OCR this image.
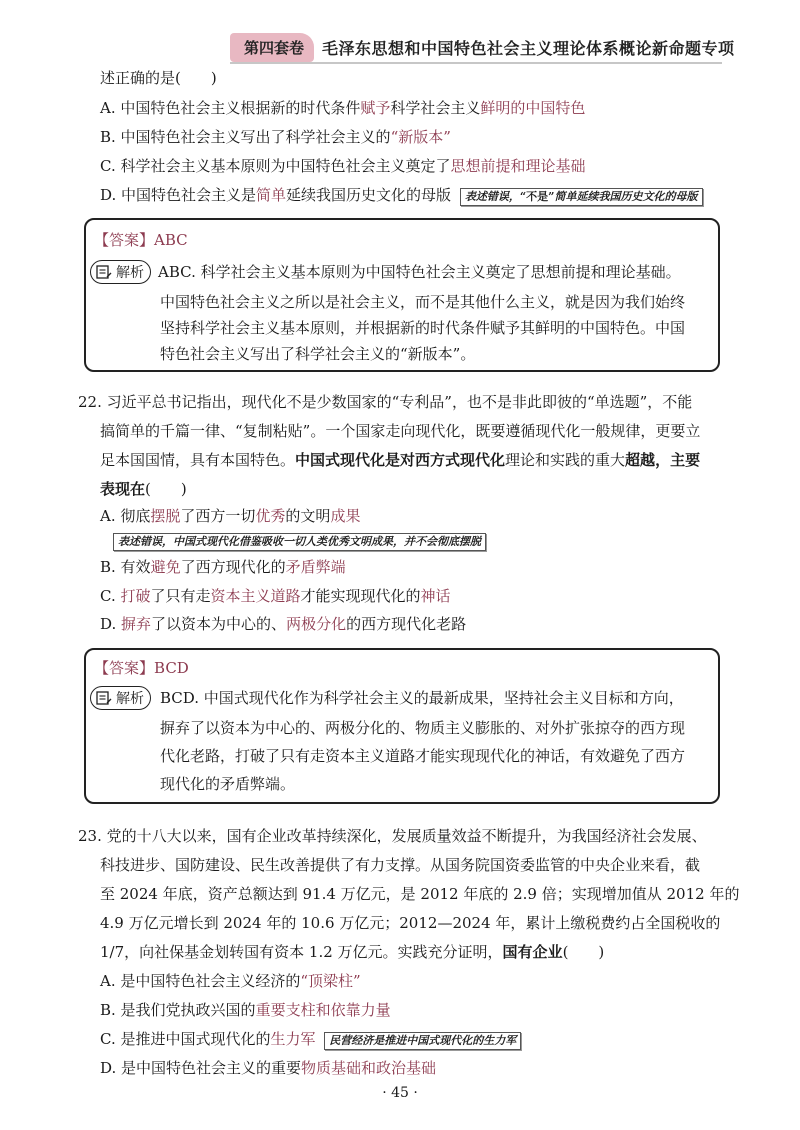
第四套卷	毛泽东思想和中国特色社会主义理论体系概论新命题专项
述正确的是(　　)
A. 中国特色社会主义根据新的时代条件赋予科学社会主义鲜明的中国特色
B. 中国特色社会主义写出了科学社会主义的“新版本”
C. 科学社会主义基本原则为中国特色社会主义奠定了思想前提和理论基础
D. 中国特色社会主义是简单延续我国历史文化的母版 表述错误，“不是”简单延续我国历史文化的母版
【答案】ABC
解析 ABC. 科学社会主义基本原则为中国特色社会主义奠定了思想前提和理论基础。
中国特色社会主义之所以是社会主义，而不是其他什么主义，就是因为我们始终
坚持科学社会主义基本原则，并根据新的时代条件赋予其鲜明的中国特色。中国
特色社会主义写出了科学社会主义的“新版本”。
22. 习近平总书记指出，现代化不是少数国家的“专利品”，也不是非此即彼的“单选题”，不能
搞简单的千篇一律、“复制粘贴”。一个国家走向现代化，既要遵循现代化一般规律，更要立
足本国国情，具有本国特色。中国式现代化是对西方式现代化理论和实践的重大超越，主要
表现在(　　)
A. 彻底摆脱了西方一切优秀的文明成果
表述错误，中国式现代化借鉴吸收一切人类优秀文明成果，并不会彻底摆脱
B. 有效避免了西方现代化的矛盾弊端
C. 打破了只有走资本主义道路才能实现现代化的神话
D. 摒弃了以资本为中心的、两极分化的西方现代化老路
【答案】BCD
解析 BCD. 中国式现代化作为科学社会主义的最新成果，坚持社会主义目标和方向，
摒弃了以资本为中心的、两极分化的、物质主义膨胀的、对外扩张掠夺的西方现
代化老路，打破了只有走资本主义道路才能实现现代化的神话，有效避免了西方
现代化的矛盾弊端。
23. 党的十八大以来，国有企业改革持续深化，发展质量效益不断提升，为我国经济社会发展、
科技进步、国防建设、民生改善提供了有力支撑。从国务院国资委监管的中央企业来看，截
至 2024 年底，资产总额达到 91.4 万亿元，是 2012 年底的 2.9 倍；实现增加值从 2012 年的
4.9 万亿元增长到 2024 年的 10.6 万亿元；2012—2024 年，累计上缴税费约占全国税收的
1/7，向社保基金划转国有资本 1.2 万亿元。实践充分证明，国有企业(　　)
A. 是中国特色社会主义经济的“顶梁柱”
B. 是我们党执政兴国的重要支柱和依靠力量
C. 是推进中国式现代化的生力军 民营经济是推进中国式现代化的生力军
D. 是中国特色社会主义的重要物质基础和政治基础
· 45 ·
